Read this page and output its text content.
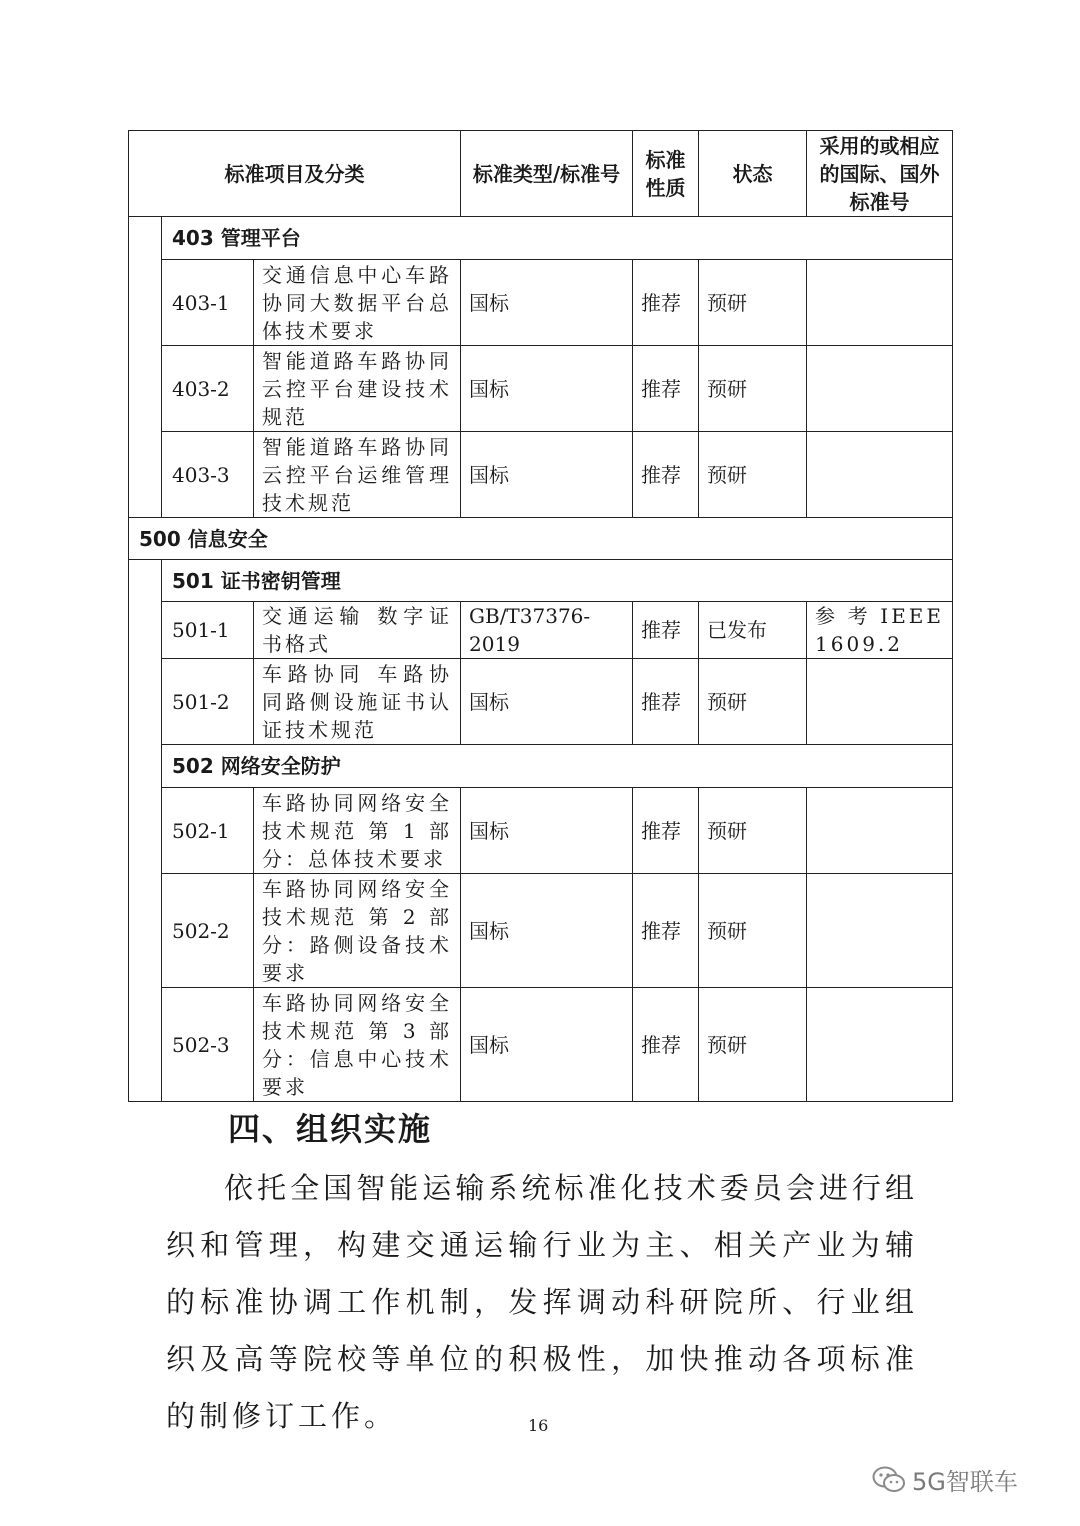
标准项目及分类			标准类型/标准号	标准性质	状态	采用的或相应的国际、国外标准号
	403 管理平台					
	403-1	交通信息中心车路协同大数据平台总体技术要求	国标	推荐	预研	
	403-2	智能道路车路协同云控平台建设技术规范	国标	推荐	预研	
	403-3	智能道路车路协同云控平台运维管理技术规范	国标	推荐	预研	
500 信息安全						
	501 证书密钥管理					
	501-1	交通运输 数字证书格式	GB/T37376-2019	推荐	已发布	参 考 IEEE 1609.2
	501-2	车路协同 车路协同路侧设施证书认证技术规范	国标	推荐	预研	
	502 网络安全防护					
	502-1	车路协同网络安全技术规范 第 1 部分：总体技术要求	国标	推荐	预研	
	502-2	车路协同网络安全技术规范 第 2 部分：路侧设备技术要求	国标	推荐	预研	
	502-3	车路协同网络安全技术规范 第 3 部分：信息中心技术要求	国标	推荐	预研	
四、组织实施

依托全国智能运输系统标准化技术委员会进行组织和管理，构建交通运输行业为主、相关产业为辅的标准协调工作机制，发挥调动科研院所、行业组织及高等院校等单位的积极性，加快推动各项标准的制修订工作。	16
5G智联车
